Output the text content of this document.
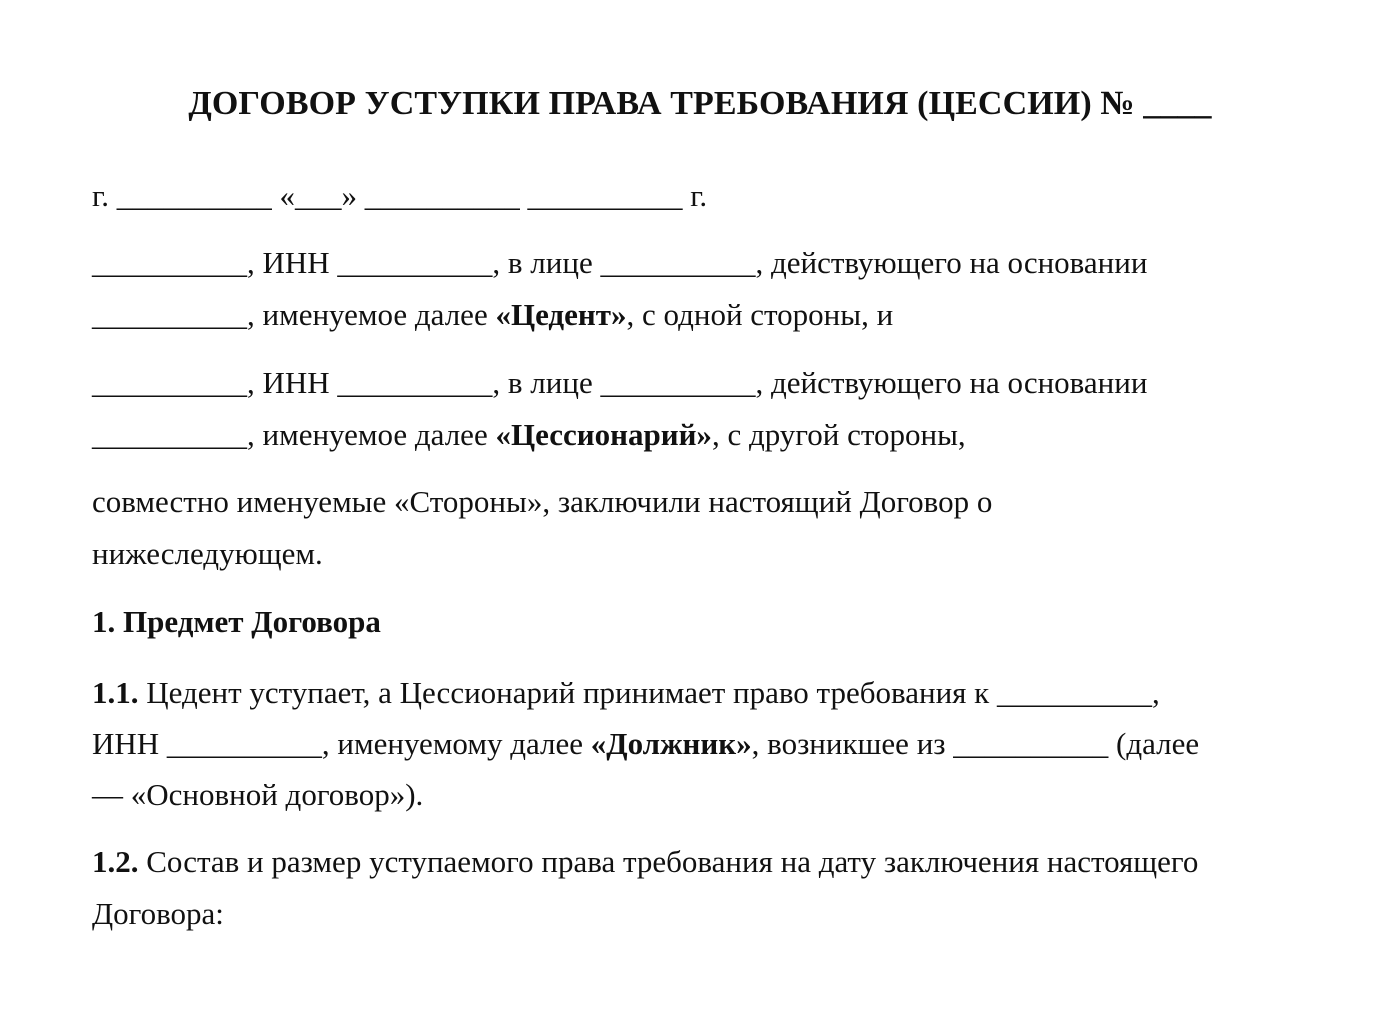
ДОГОВОР УСТУПКИ ПРАВА ТРЕБОВАНИЯ (ЦЕССИИ) № ____
г. __________ «___» __________ __________ г.
__________, ИНН __________, в лице __________, действующего на основании
__________, именуемое далее «Цедент», с одной стороны, и
__________, ИНН __________, в лице __________, действующего на основании
__________, именуемое далее «Цессионарий», с другой стороны,
совместно именуемые «Стороны», заключили настоящий Договор о
нижеследующем.
1. Предмет Договора
1.1. Цедент уступает, а Цессионарий принимает право требования к __________,
ИНН __________, именуемому далее «Должник», возникшее из __________ (далее
— «Основной договор»).
1.2. Состав и размер уступаемого права требования на дату заключения настоящего
Договора:
